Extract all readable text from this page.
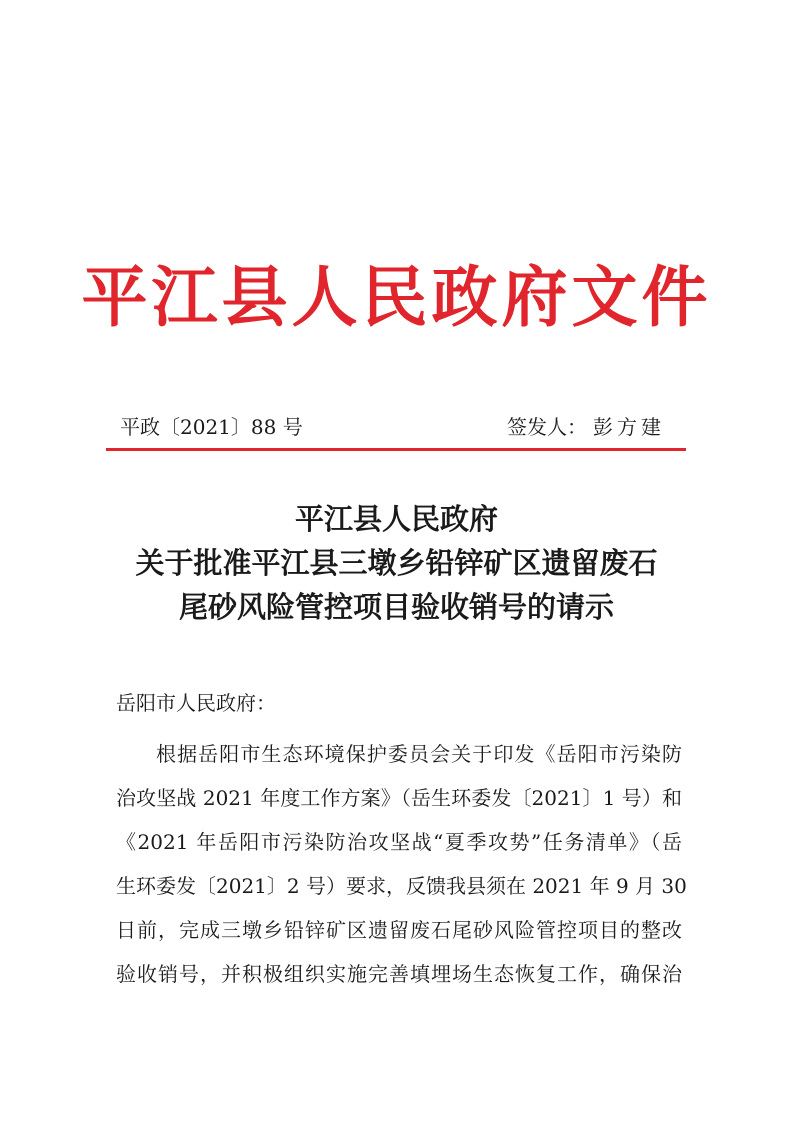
平江县人民政府文件
平政〔2021〕88 号	签发人： 彭方建
平江县人民政府
关于批准平江县三墩乡铅锌矿区遗留废石
尾砂风险管控项目验收销号的请示
岳阳市人民政府：
根据岳阳市生态环境保护委员会关于印发《岳阳市污染防
治攻坚战 2021 年度工作方案》（岳生环委发〔2021〕1 号）和
《2021 年岳阳市污染防治攻坚战“夏季攻势”任务清单》（岳
生环委发〔2021〕2 号）要求，反馈我县须在 2021 年 9 月 30
日前，完成三墩乡铅锌矿区遗留废石尾砂风险管控项目的整改
验收销号，并积极组织实施完善填埋场生态恢复工作，确保治
